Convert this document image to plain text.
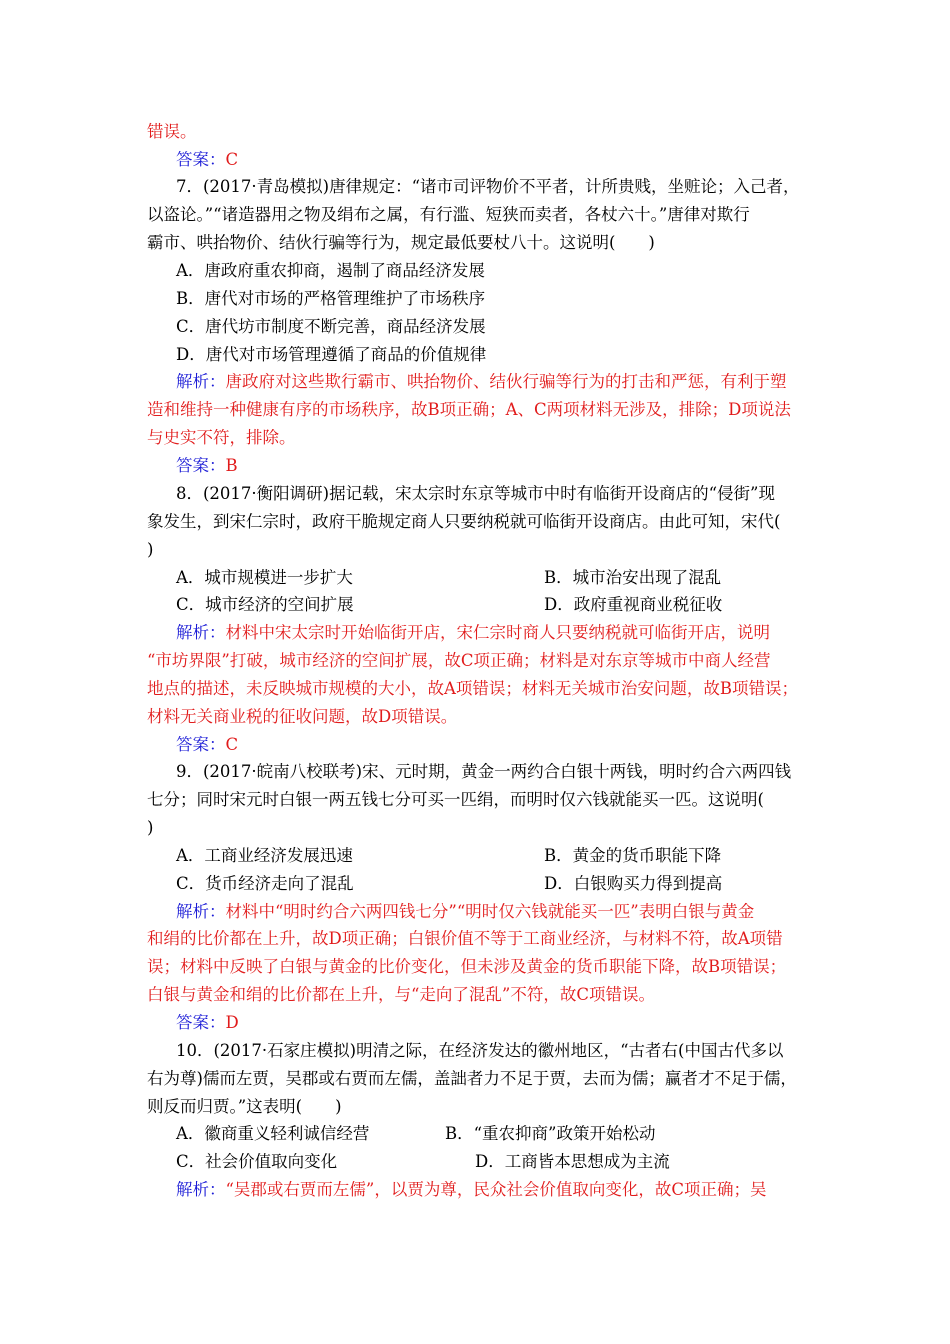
错误。
答案：C
7．(2017·青岛模拟)唐律规定：“诸市司评物价不平者，计所贵贱，坐赃论；入己者，
以盗论。”“诸造器用之物及绢布之属，有行滥、短狭而卖者，各杖六十。”唐律对欺行
霸市、哄抬物价、结伙行骗等行为，规定最低要杖八十。这说明(　　)
A．唐政府重农抑商，遏制了商品经济发展
B．唐代对市场的严格管理维护了市场秩序
C．唐代坊市制度不断完善，商品经济发展
D．唐代对市场管理遵循了商品的价值规律
解析：唐政府对这些欺行霸市、哄抬物价、结伙行骗等行为的打击和严惩，有利于塑
造和维持一种健康有序的市场秩序，故B项正确；A、C两项材料无涉及，排除；D项说法
与史实不符，排除。
答案：B
8．(2017·衡阳调研)据记载，宋太宗时东京等城市中时有临街开设商店的“侵街”现
象发生，到宋仁宗时，政府干脆规定商人只要纳税就可临街开设商店。由此可知，宋代(
)
A．城市规模进一步扩大	B．城市治安出现了混乱
C．城市经济的空间扩展	D．政府重视商业税征收
解析：材料中宋太宗时开始临街开店，宋仁宗时商人只要纳税就可临街开店，说明
“市坊界限”打破，城市经济的空间扩展，故C项正确；材料是对东京等城市中商人经营
地点的描述，未反映城市规模的大小，故A项错误；材料无关城市治安问题，故B项错误；
材料无关商业税的征收问题，故D项错误。
答案：C
9．(2017·皖南八校联考)宋、元时期，黄金一两约合白银十两钱，明时约合六两四钱
七分；同时宋元时白银一两五钱七分可买一匹绢，而明时仅六钱就能买一匹。这说明(
)
A．工商业经济发展迅速	B．黄金的货币职能下降
C．货币经济走向了混乱	D．白银购买力得到提高
解析：材料中“明时约合六两四钱七分”“明时仅六钱就能买一匹”表明白银与黄金
和绢的比价都在上升，故D项正确；白银价值不等于工商业经济，与材料不符，故A项错
误；材料中反映了白银与黄金的比价变化，但未涉及黄金的货币职能下降，故B项错误；
白银与黄金和绢的比价都在上升，与“走向了混乱”不符，故C项错误。
答案：D
10．(2017·石家庄模拟)明清之际，在经济发达的徽州地区，“古者右(中国古代多以
右为尊)儒而左贾，吴郡或右贾而左儒，盖詘者力不足于贾，去而为儒；赢者才不足于儒，
则反而归贾。”这表明(　　)
A．徽商重义轻利诚信经营	B．“重农抑商”政策开始松动
C．社会价值取向变化	D．工商皆本思想成为主流
解析：“吴郡或右贾而左儒”，以贾为尊，民众社会价值取向变化，故C项正确；吴
